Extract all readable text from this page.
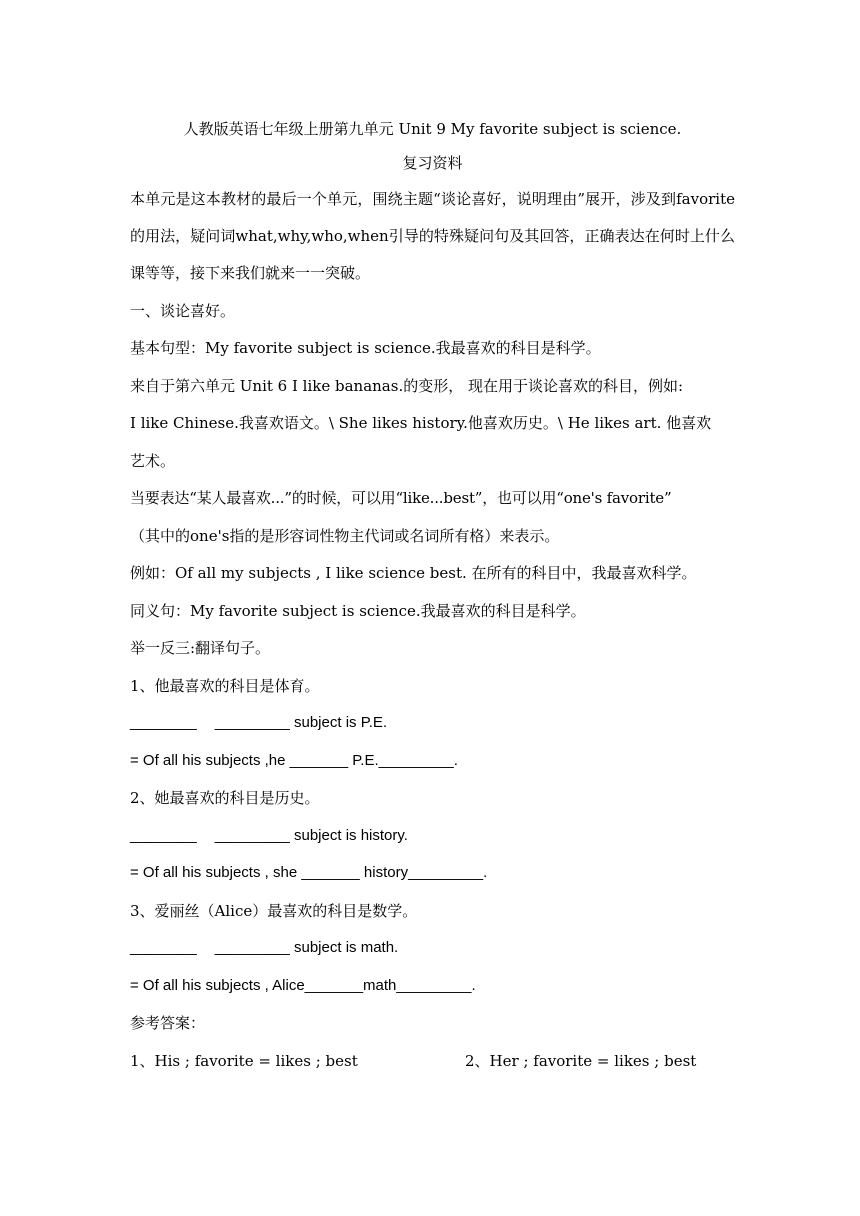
人教版英语七年级上册第九单元 Unit 9 My favorite subject is science.

复习资料

本单元是这本教材的最后一个单元，围绕主题“谈论喜好，说明理由”展开，涉及到favorite的用法，疑问词what,why,who,when引导的特殊疑问句及其回答，正确表达在何时上什么课等等，接下来我们就来一一突破。

一、谈论喜好。

基本句型：My favorite subject is science.我最喜欢的科目是科学。

来自于第六单元 Unit 6 I like bananas.的变形， 现在用于谈论喜欢的科目，例如:

I like Chinese.我喜欢语文。\ She likes history.他喜欢历史。\ He likes art. 他喜欢

艺术。

当要表达“某人最喜欢...”的时候，可以用“like...best”，也可以用“one's favorite”

（其中的one's指的是形容词性物主代词或名词所有格）来表示。

例如：Of all my subjects , I like science best. 在所有的科目中，我最喜欢科学。

同义句：My favorite subject is science.我最喜欢的科目是科学。

举一反三:翻译句子。

1、他最喜欢的科目是体育。

________ _________ subject is P.E.

= Of all his subjects ,he _______ P.E._________.

2、她最喜欢的科目是历史。

________ _________ subject is history.

= Of all his subjects , she _______ history_________.

3、爱丽丝（Alice）最喜欢的科目是数学。

________ _________ subject is math.

= Of all his subjects , Alice_______math_________.

参考答案：

1、His ; favorite = likes ; best	2、Her ; favorite = likes ; best
